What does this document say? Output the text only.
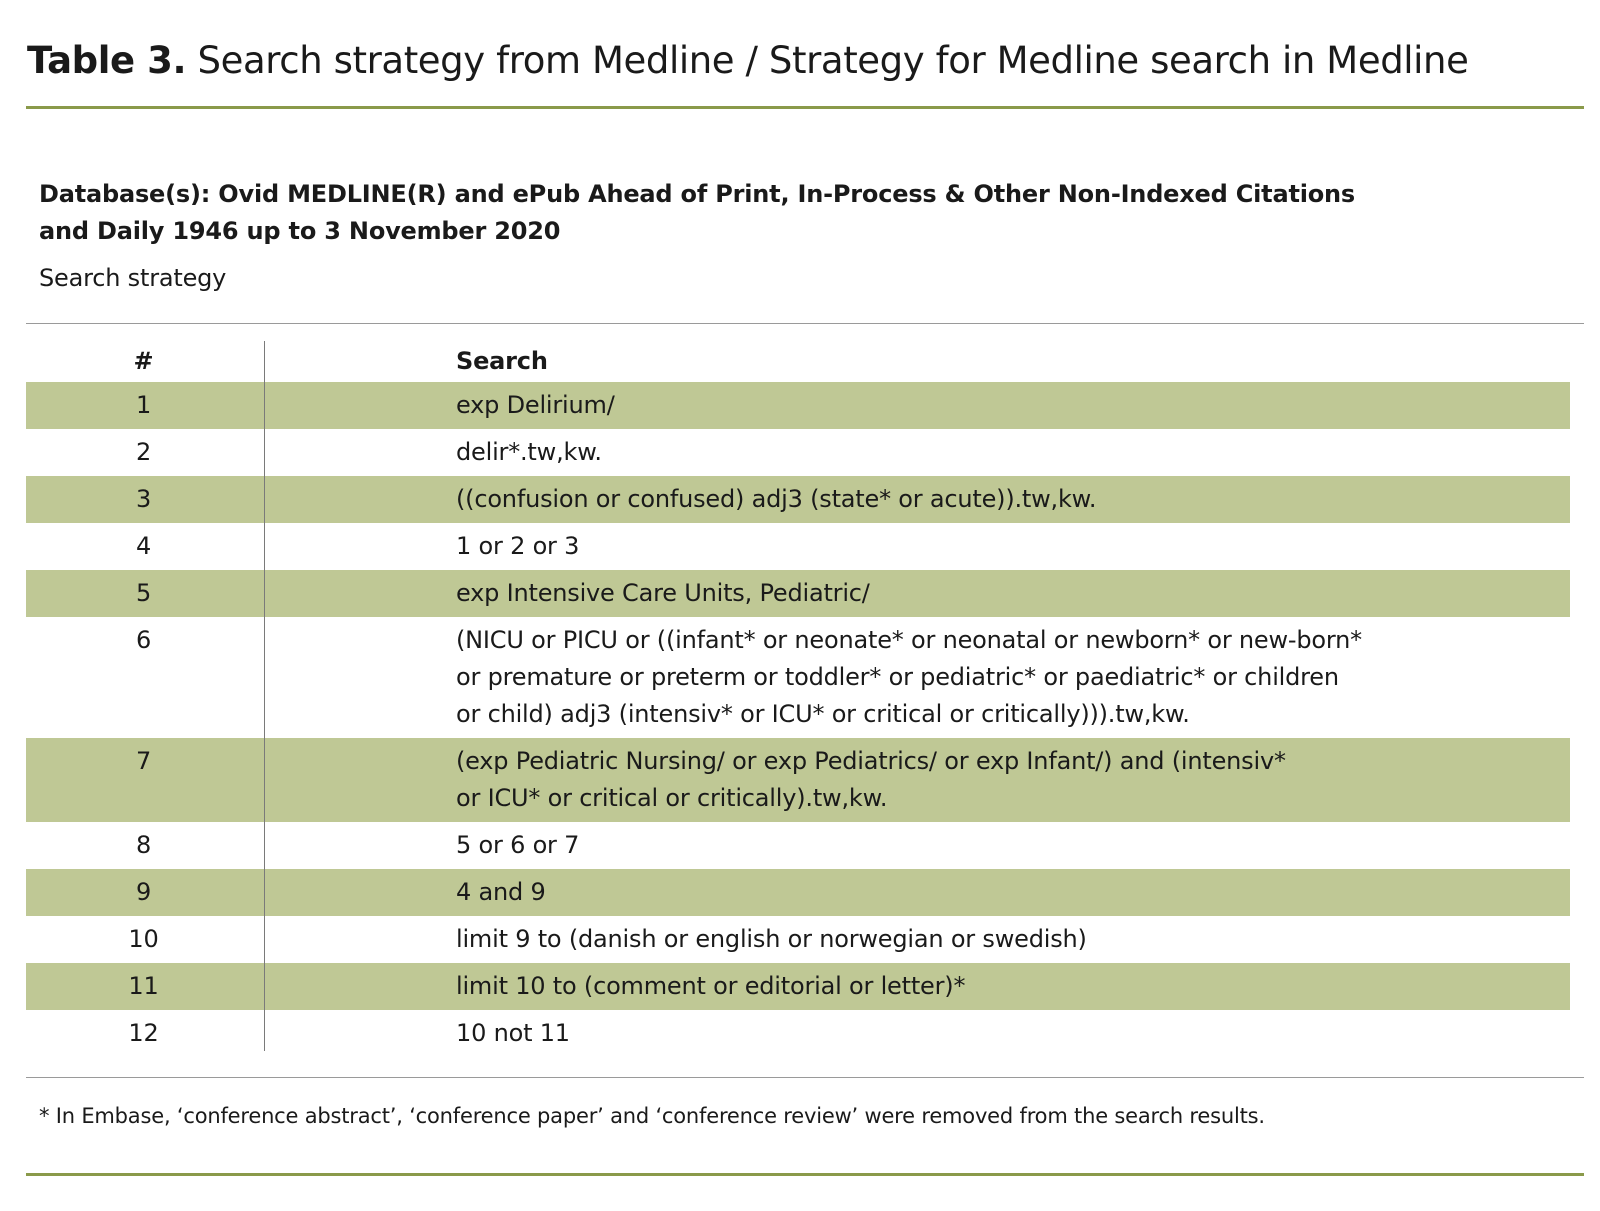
Table 3. Search strategy from Medline / Strategy for Medline search in Medline
Database(s): Ovid MEDLINE(R) and ePub Ahead of Print, In-Process & Other Non-Indexed Citations
and Daily 1946 up to 3 November 2020
Search strategy
#	Search
1	exp Delirium/
2	delir*.tw,kw.
3	((confusion or confused) adj3 (state* or acute)).tw,kw.
4	1 or 2 or 3
5	exp Intensive Care Units, Pediatric/
6	(NICU or PICU or ((infant* or neonate* or neonatal or newborn* or new-born*
or premature or preterm or toddler* or pediatric* or paediatric* or children
or child) adj3 (intensiv* or ICU* or critical or critically))).tw,kw.
7	(exp Pediatric Nursing/ or exp Pediatrics/ or exp Infant/) and (intensiv*
or ICU* or critical or critically).tw,kw.
8	5 or 6 or 7
9	4 and 9
10	limit 9 to (danish or english or norwegian or swedish)
11	limit 10 to (comment or editorial or letter)*
12	10 not 11
* In Embase, ‘conference abstract’, ‘conference paper’ and ‘conference review’ were removed from the search results.
